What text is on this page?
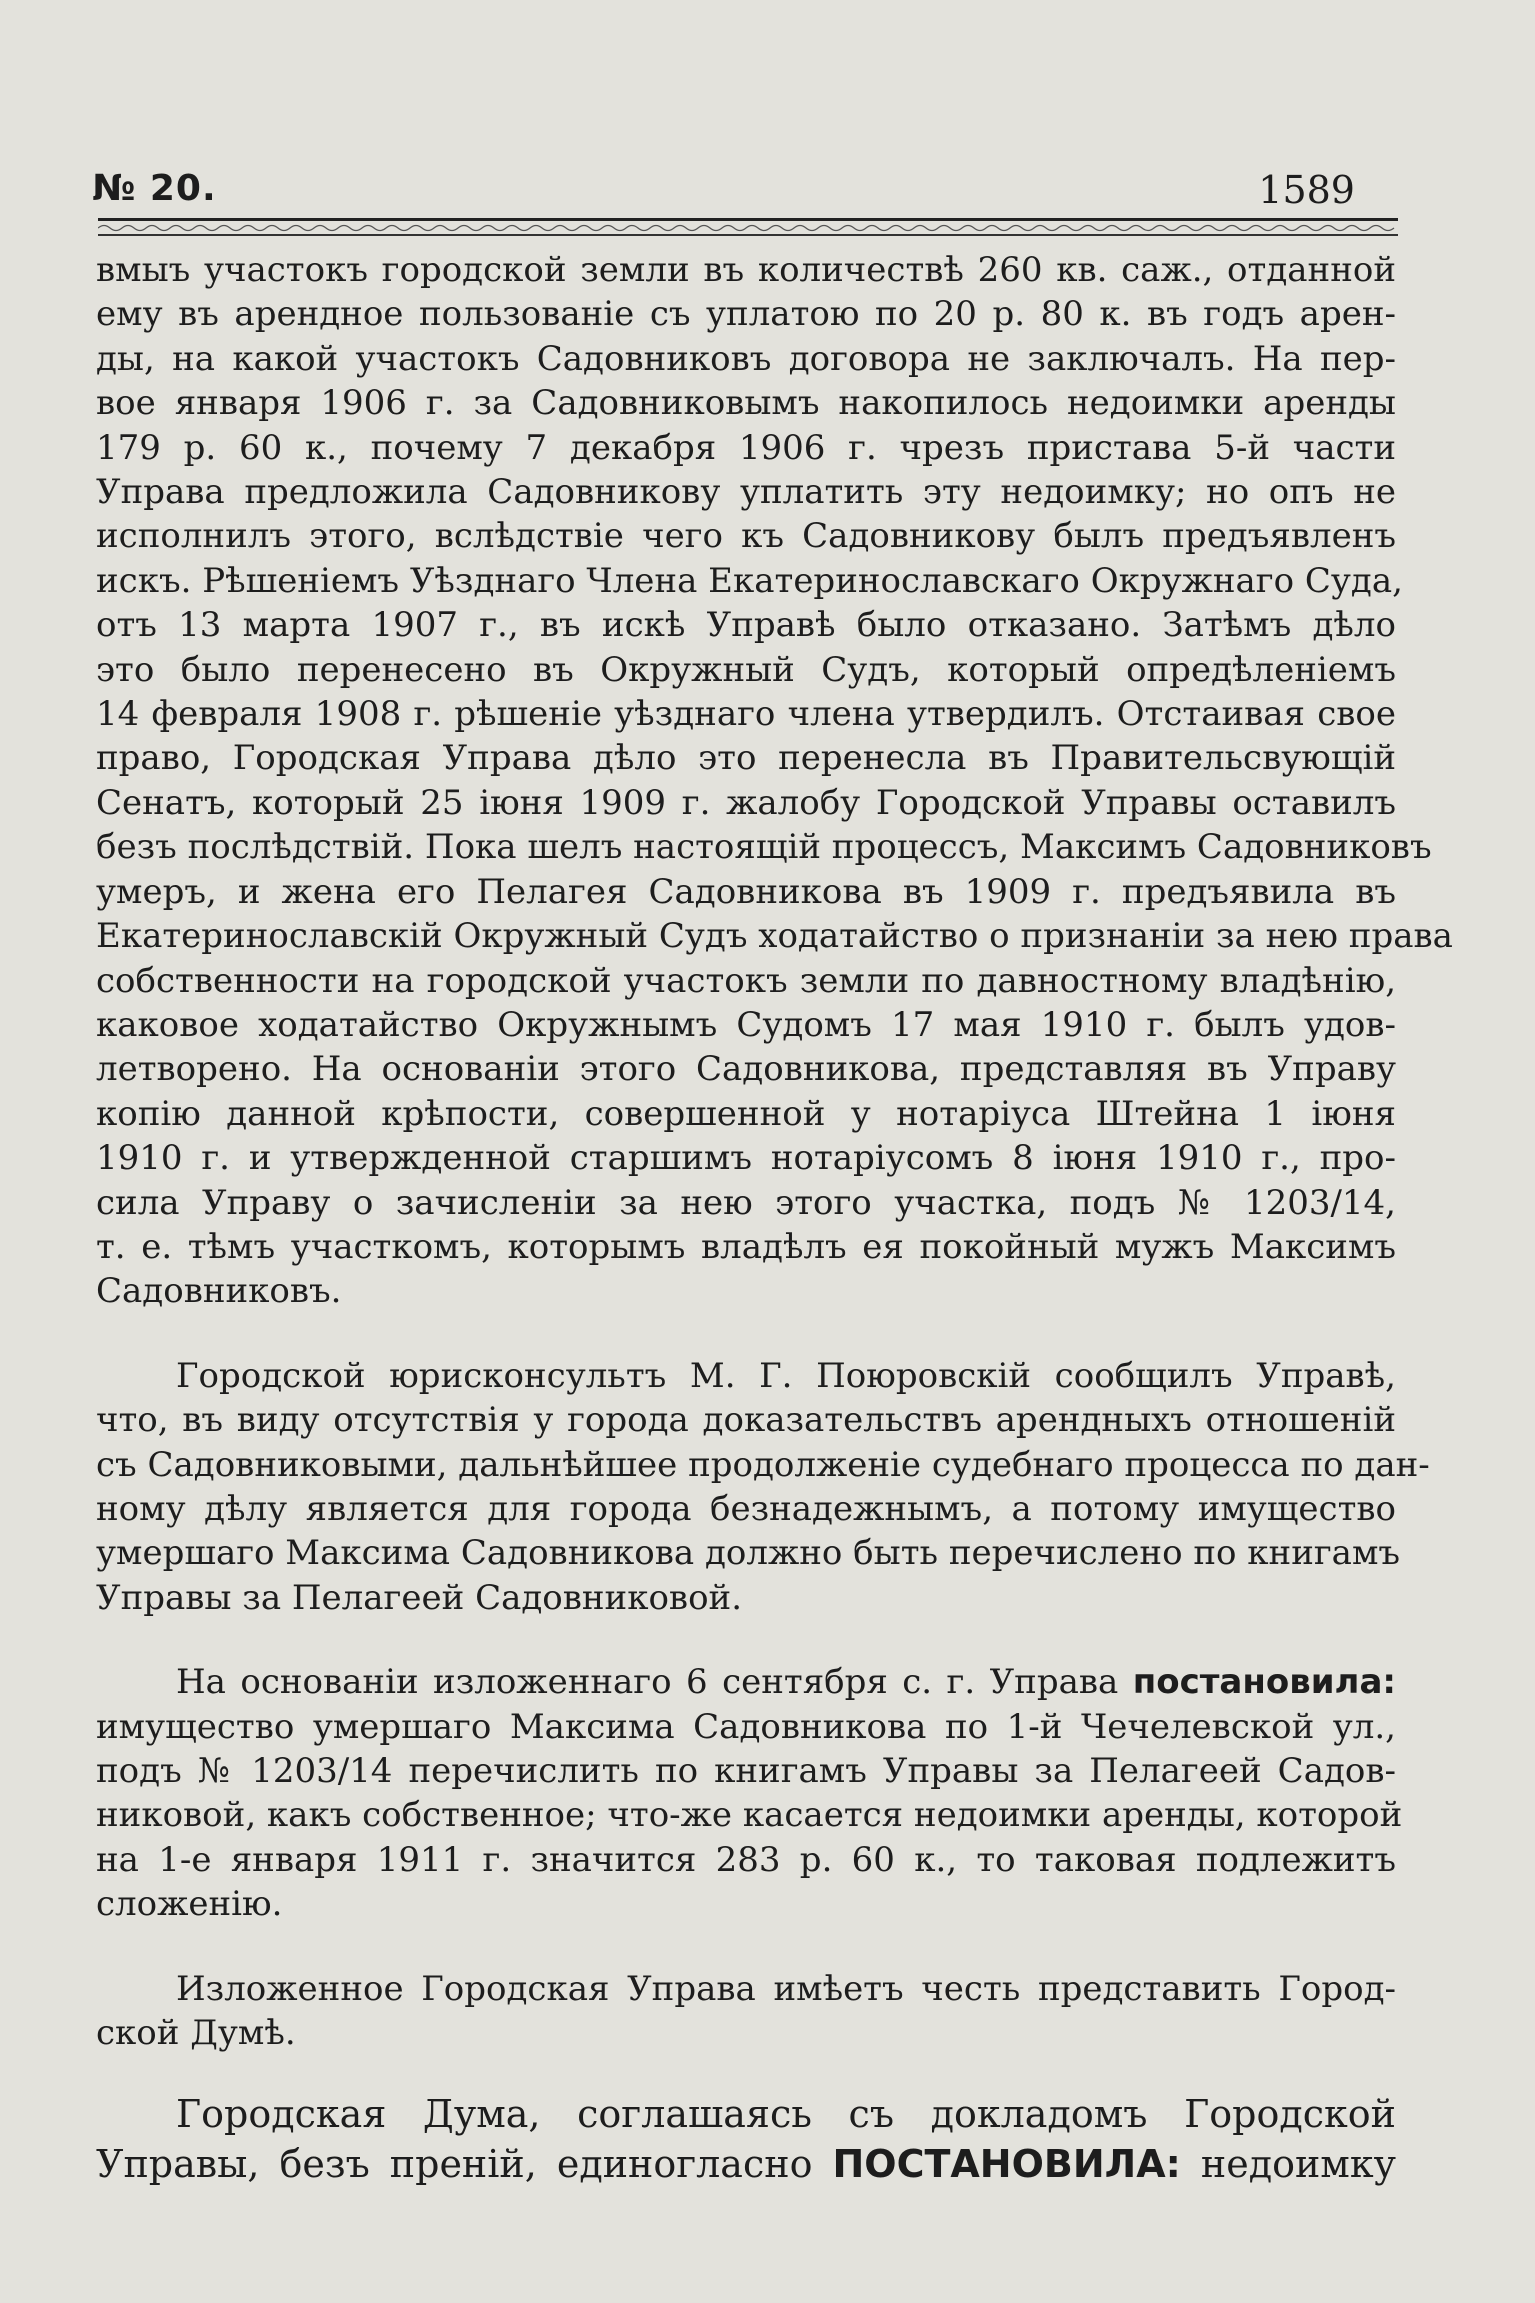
№ 20.	1589
вмыъ участокъ городской земли въ количествѣ 260 кв. саж., отданной
ему въ арендное пользованіе съ уплатою по 20 р. 80 к. въ годъ арен-
ды, на какой участокъ Садовниковъ договора не заключалъ. На пер-
вое января 1906 г. за Садовниковымъ накопилось недоимки аренды
179 р. 60 к., почему 7 декабря 1906 г. чрезъ пристава 5-й части
Управа предложила Садовникову уплатить эту недоимку; но опъ не
исполнилъ этого, вслѣдствіе чего къ Садовникову былъ предъявленъ
искъ. Рѣшеніемъ Уѣзднаго Члена Екатеринославскаго Окружнаго Суда,
отъ 13 марта 1907 г., въ искѣ Управѣ было отказано. Затѣмъ дѣло
это было перенесено въ Окружный Судъ, который опредѣленіемъ
14 февраля 1908 г. рѣшеніе уѣзднаго члена утвердилъ. Отстаивая свое
право, Городская Управа дѣло это перенесла въ Правительсвующій
Сенатъ, который 25 іюня 1909 г. жалобу Городской Управы оставилъ
безъ послѣдствій. Пока шелъ настоящій процессъ, Максимъ Садовниковъ
умеръ, и жена его Пелагея Садовникова въ 1909 г. предъявила въ
Екатеринославскій Окружный Судъ ходатайство о признаніи за нею права
собственности на городской участокъ земли по давностному владѣнію,
каковое ходатайство Окружнымъ Судомъ 17 мая 1910 г. былъ удов-
летворено. На основаніи этого Садовникова, представляя въ Управу
копію данной крѣпости, совершенной у нотаріуса Штейна 1 іюня
1910 г. и утвержденной старшимъ нотаріусомъ 8 іюня 1910 г., про-
сила Управу о зачисленіи за нею этого участка, подъ № 1203/14,
т. е. тѣмъ участкомъ, которымъ владѣлъ ея покойный мужъ Максимъ
Садовниковъ.
Городской юрисконсультъ М. Г. Поюровскій сообщилъ Управѣ,
что, въ виду отсутствія у города доказательствъ арендныхъ отношеній
съ Садовниковыми, дальнѣйшее продолженіе судебнаго процесса по дан-
ному дѣлу является для города безнадежнымъ, а потому имущество
умершаго Максима Садовникова должно быть перечислено по книгамъ
Управы за Пелагеей Садовниковой.
На основаніи изложеннаго 6 сентября с. г. Управа постановила:
имущество умершаго Максима Садовникова по 1-й Чечелевской ул.,
подъ № 1203/14 перечислить по книгамъ Управы за Пелагеей Садов-
никовой, какъ собственное; что-же касается недоимки аренды, которой
на 1-е января 1911 г. значится 283 р. 60 к., то таковая подлежитъ
сложенію.
Изложенное Городская Управа имѣетъ честь представить Город-
ской Думѣ.
Городская Дума, соглашаясь съ докладомъ Городской
Управы, безъ преній, единогласно ПОСТАНОВИЛА: недоимку
